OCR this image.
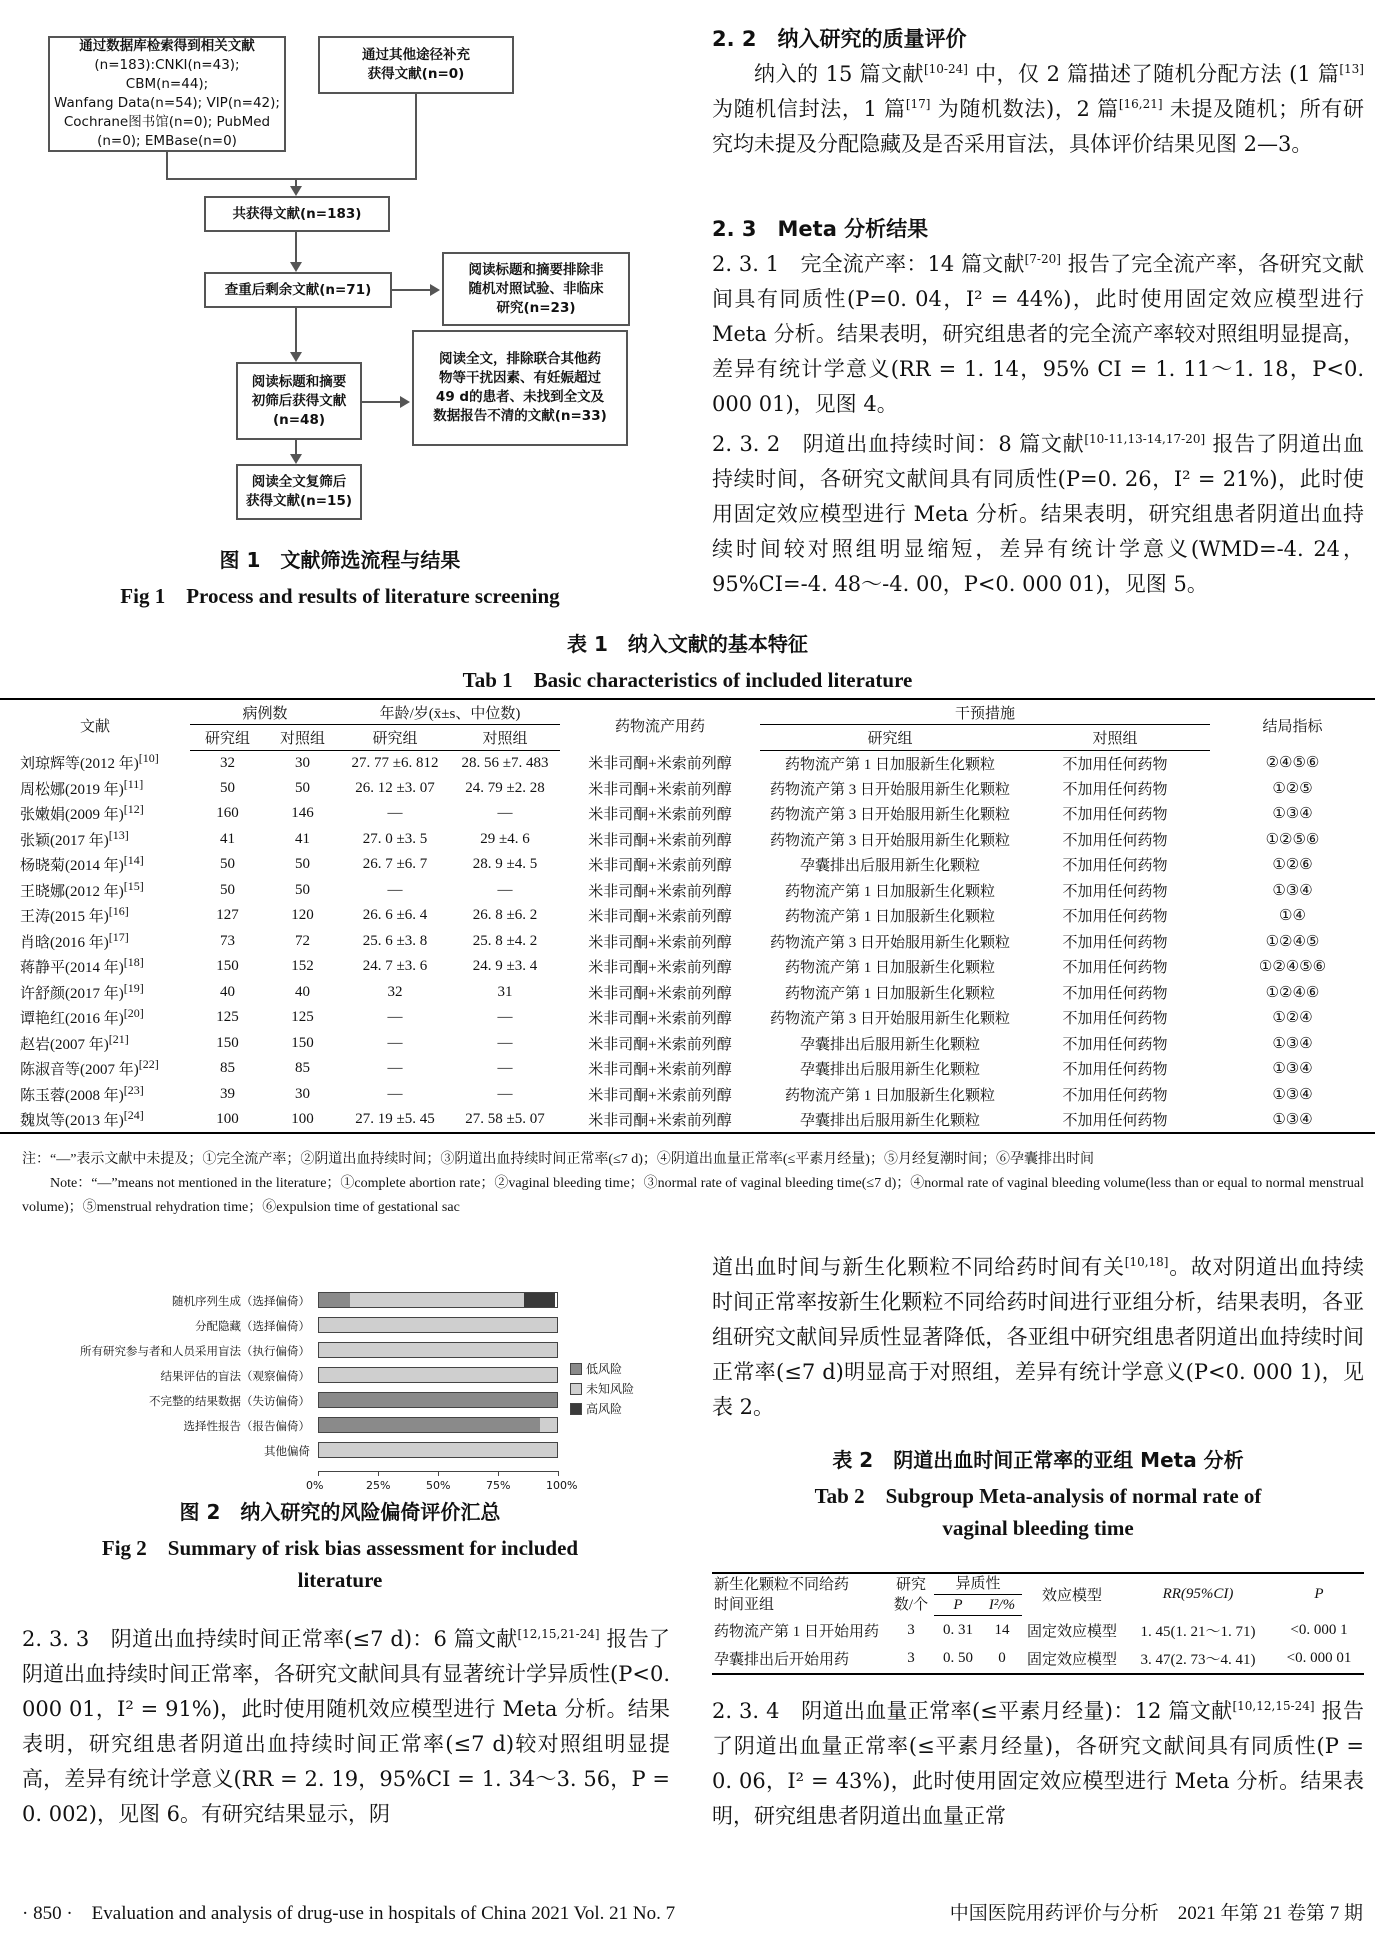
通过数据库检索得到相关文献
(n=183):CNKI(n=43); CBM(n=44);
Wanfang Data(n=54); VIP(n=42);
Cochrane图书馆(n=0); PubMed
(n=0); EMBase(n=0)
通过其他途径补充
获得文献(n=0)
共获得文献(n=183)
查重后剩余文献(n=71)
阅读标题和摘要排除非
随机对照试验、非临床
研究(n=23)
阅读标题和摘要
初筛后获得文献
(n=48)
阅读全文，排除联合其他药
物等干扰因素、有妊娠超过
49 d的患者、未找到全文及
数据报告不清的文献(n=33)
阅读全文复筛后
获得文献(n=15)
图 1　文献筛选流程与结果
Fig 1　Process and results of literature screening
2. 2　纳入研究的质量评价

纳入的 15 篇文献[10-24] 中，仅 2 篇描述了随机分配方法 (1 篇[13] 为随机信封法，1 篇[17] 为随机数法)，2 篇[16,21] 未提及随机；所有研究均未提及分配隐藏及是否采用盲法，具体评价结果见图 2—3。

2. 3　Meta 分析结果

2. 3. 1　完全流产率：14 篇文献[7-20] 报告了完全流产率，各研究文献间具有同质性(P=0. 04，I² = 44%)，此时使用固定效应模型进行 Meta 分析。结果表明，研究组患者的完全流产率较对照组明显提高，差异有统计学意义(RR = 1. 14，95% CI = 1. 11～1. 18，P<0. 000 01)，见图 4。

2. 3. 2　阴道出血持续时间：8 篇文献[10-11,13-14,17-20] 报告了阴道出血持续时间，各研究文献间具有同质性(P=0. 26，I² = 21%)，此时使用固定效应模型进行 Meta 分析。结果表明，研究组患者阴道出血持续时间较对照组明显缩短，差异有统计学意义(WMD=-4. 24，95%CI=-4. 48～-4. 00，P<0. 000 01)，见图 5。

表 1　纳入文献的基本特征
Tab 1　Basic characteristics of included literature
文献	病例数		年龄/岁(x̄±s、中位数)		药物流产用药	干预措施		结局指标
	研究组	对照组	研究组	对照组		研究组	对照组	
刘琼辉等(2012 年)[10]	32	30	27. 77 ±6. 812	28. 56 ±7. 483	米非司酮+米索前列醇	药物流产第 1 日加服新生化颗粒	不加用任何药物	②④⑤⑥
周松娜(2019 年)[11]	50	50	26. 12 ±3. 07	24. 79 ±2. 28	米非司酮+米索前列醇	药物流产第 3 日开始服用新生化颗粒	不加用任何药物	①②⑤
张嫩娟(2009 年)[12]	160	146	—	—	米非司酮+米索前列醇	药物流产第 3 日开始服用新生化颗粒	不加用任何药物	①③④
张颖(2017 年)[13]	41	41	27. 0 ±3. 5	29 ±4. 6	米非司酮+米索前列醇	药物流产第 3 日开始服用新生化颗粒	不加用任何药物	①②⑤⑥
杨晓菊(2014 年)[14]	50	50	26. 7 ±6. 7	28. 9 ±4. 5	米非司酮+米索前列醇	孕囊排出后服用新生化颗粒	不加用任何药物	①②⑥
王晓娜(2012 年)[15]	50	50	—	—	米非司酮+米索前列醇	药物流产第 1 日加服新生化颗粒	不加用任何药物	①③④
王涛(2015 年)[16]	127	120	26. 6 ±6. 4	26. 8 ±6. 2	米非司酮+米索前列醇	药物流产第 1 日加服新生化颗粒	不加用任何药物	①④
肖晗(2016 年)[17]	73	72	25. 6 ±3. 8	25. 8 ±4. 2	米非司酮+米索前列醇	药物流产第 3 日开始服用新生化颗粒	不加用任何药物	①②④⑤
蒋静平(2014 年)[18]	150	152	24. 7 ±3. 6	24. 9 ±3. 4	米非司酮+米索前列醇	药物流产第 1 日加服新生化颗粒	不加用任何药物	①②④⑤⑥
许舒颜(2017 年)[19]	40	40	32	31	米非司酮+米索前列醇	药物流产第 1 日加服新生化颗粒	不加用任何药物	①②④⑥
谭艳红(2016 年)[20]	125	125	—	—	米非司酮+米索前列醇	药物流产第 3 日开始服用新生化颗粒	不加用任何药物	①②④
赵岩(2007 年)[21]	150	150	—	—	米非司酮+米索前列醇	孕囊排出后服用新生化颗粒	不加用任何药物	①③④
陈淑音等(2007 年)[22]	85	85	—	—	米非司酮+米索前列醇	孕囊排出后服用新生化颗粒	不加用任何药物	①③④
陈玉蓉(2008 年)[23]	39	30	—	—	米非司酮+米索前列醇	药物流产第 1 日加服新生化颗粒	不加用任何药物	①③④
魏岚等(2013 年)[24]	100	100	27. 19 ±5. 45	27. 58 ±5. 07	米非司酮+米索前列醇	孕囊排出后服用新生化颗粒	不加用任何药物	①③④
注：“—”表示文献中未提及；①完全流产率；②阴道出血持续时间；③阴道出血持续时间正常率(≤7 d)；④阴道出血量正常率(≤平素月经量)；⑤月经复潮时间；⑥孕囊排出时间
Note：“—”means not mentioned in the literature；①complete abortion rate；②vaginal bleeding time；③normal rate of vaginal bleeding time(≤7 d)；④normal rate of vaginal bleeding volume(less than or equal to normal menstrual volume)；⑤menstrual rehydration time；⑥expulsion time of gestational sac
随机序列生成（选择偏倚）
分配隐藏（选择偏倚）
所有研究参与者和人员采用盲法（执行偏倚）
结果评估的盲法（观察偏倚）
不完整的结果数据（失访偏倚）
选择性报告（报告偏倚）
其他偏倚
0%	25%	50%	75%	100%
低风险
未知风险
高风险
图 2　纳入研究的风险偏倚评价汇总
Fig 2　Summary of risk bias assessment for included
literature

2. 3. 3　阴道出血持续时间正常率(≤7 d)：6 篇文献[12,15,21-24] 报告了阴道出血持续时间正常率，各研究文献间具有显著统计学异质性(P<0. 000 01，I² = 91%)，此时使用随机效应模型进行 Meta 分析。结果表明，研究组患者阴道出血持续时间正常率(≤7 d)较对照组明显提高，差异有统计学意义(RR = 2. 19，95%CI = 1. 34～3. 56，P = 0. 002)，见图 6。有研究结果显示，阴

道出血时间与新生化颗粒不同给药时间有关[10,18]。故对阴道出血持续时间正常率按新生化颗粒不同给药时间进行亚组分析，结果表明，各亚组研究文献间异质性显著降低，各亚组中研究组患者阴道出血持续时间正常率(≤7 d)明显高于对照组，差异有统计学意义(P<0. 000 1)，见表 2。

表 2　阴道出血时间正常率的亚组 Meta 分析
Tab 2　Subgroup Meta-analysis of normal rate of
vaginal bleeding time
新生化颗粒不同给药
时间亚组	研究
数/个	异质性		效应模型	RR(95%CI)	P
		P	I²/%			
药物流产第 1 日开始用药	3	0. 31	14	固定效应模型	1. 45(1. 21～1. 71)	<0. 000 1
孕囊排出后开始用药	3	0. 50	0	固定效应模型	3. 47(2. 73～4. 41)	<0. 000 01

2. 3. 4　阴道出血量正常率(≤平素月经量)：12 篇文献[10,12,15-24] 报告了阴道出血量正常率(≤平素月经量)，各研究文献间具有同质性(P = 0. 06，I² = 43%)，此时使用固定效应模型进行 Meta 分析。结果表明，研究组患者阴道出血量正常

· 850 ·　Evaluation and analysis of drug-use in hospitals of China 2021 Vol. 21 No. 7	中国医院用药评价与分析　2021 年第 21 卷第 7 期
